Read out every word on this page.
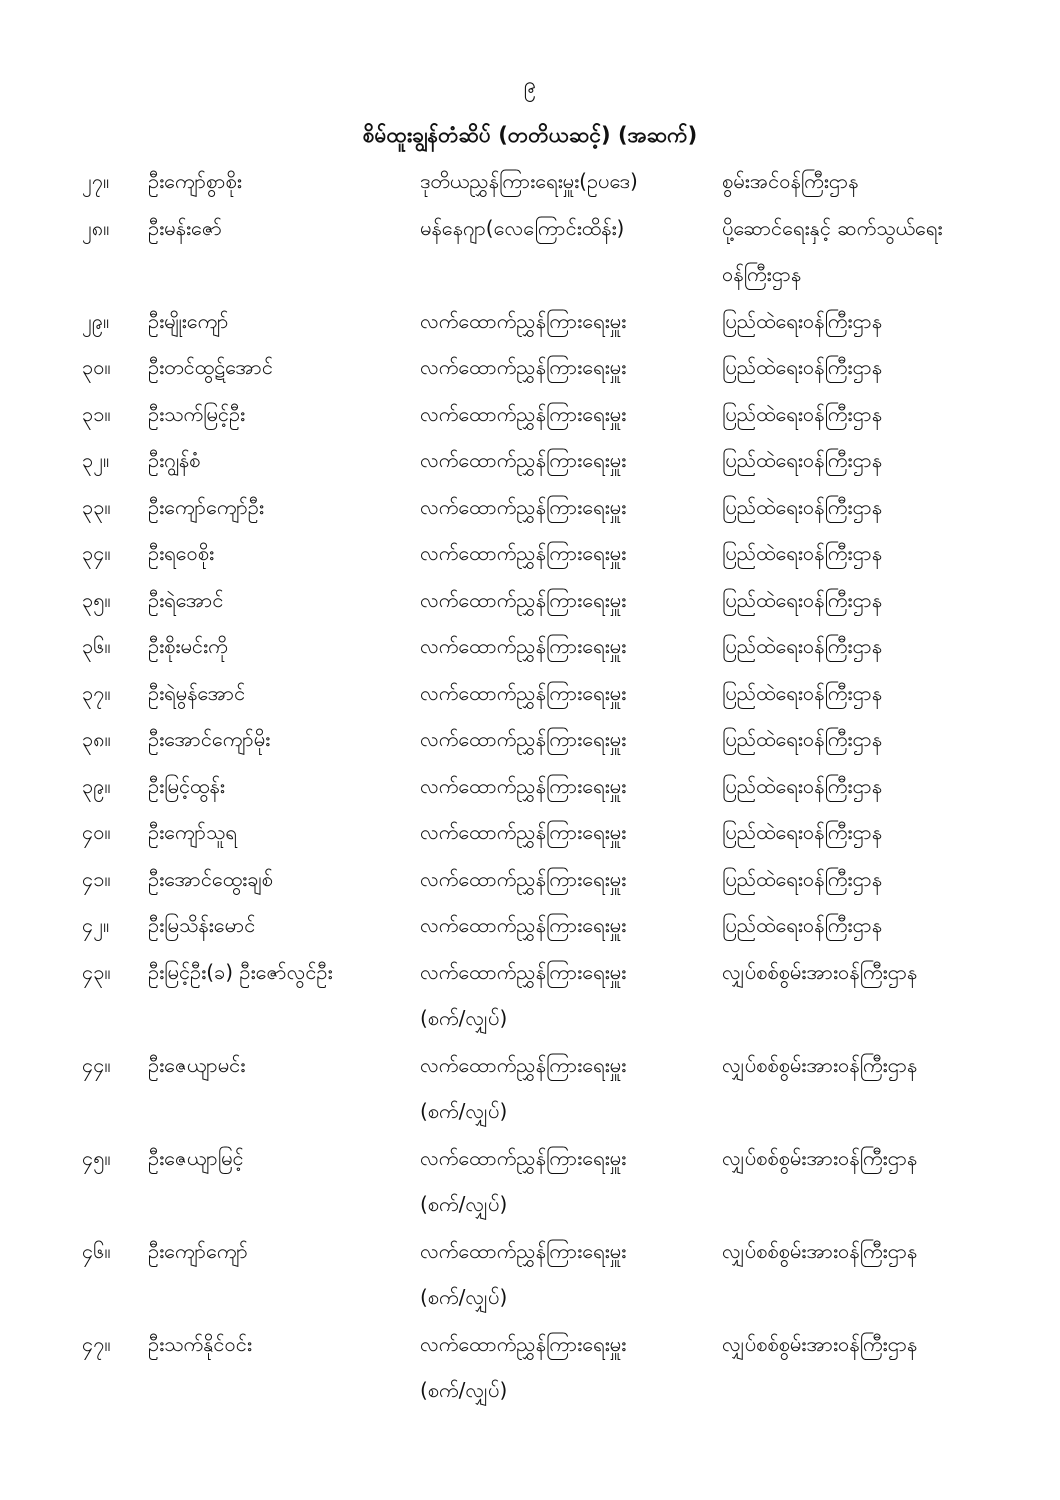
၉
စိမ်ထူးချွန်တံဆိပ် (တတိယဆင့်) (အဆက်)
၂၇။ ဦးကျော်စွာစိုး	ဒုတိယညွှန်ကြားရေးမှူး(ဥပဒေ)	စွမ်းအင်ဝန်ကြီးဌာန
၂၈။ ဦးမန်းဇော်	မန်နေဂျာ(လေကြောင်းထိန်း)	ပို့ဆောင်ရေးနှင့် ဆက်သွယ်ရေး
ဝန်ကြီးဌာန
၂၉။ ဦးမျိုးကျော်	လက်ထောက်ညွှန်ကြားရေးမှူး	ပြည်ထဲရေးဝန်ကြီးဌာန
၃၀။ ဦးတင်ထွဋ်အောင်	လက်ထောက်ညွှန်ကြားရေးမှူး	ပြည်ထဲရေးဝန်ကြီးဌာန
၃၁။ ဦးသက်မြင့်ဦး	လက်ထောက်ညွှန်ကြားရေးမှူး	ပြည်ထဲရေးဝန်ကြီးဌာန
၃၂။ ဦးဂျွန်စံ	လက်ထောက်ညွှန်ကြားရေးမှူး	ပြည်ထဲရေးဝန်ကြီးဌာန
၃၃။ ဦးကျော်ကျော်ဦး	လက်ထောက်ညွှန်ကြားရေးမှူး	ပြည်ထဲရေးဝန်ကြီးဌာန
၃၄။ ဦးရဝေစိုး	လက်ထောက်ညွှန်ကြားရေးမှူး	ပြည်ထဲရေးဝန်ကြီးဌာန
၃၅။ ဦးရဲအောင်	လက်ထောက်ညွှန်ကြားရေးမှူး	ပြည်ထဲရေးဝန်ကြီးဌာန
၃၆။ ဦးစိုးမင်းကို	လက်ထောက်ညွှန်ကြားရေးမှူး	ပြည်ထဲရေးဝန်ကြီးဌာန
၃၇။ ဦးရဲမွန်အောင်	လက်ထောက်ညွှန်ကြားရေးမှူး	ပြည်ထဲရေးဝန်ကြီးဌာန
၃၈။ ဦးအောင်ကျော်မိုး	လက်ထောက်ညွှန်ကြားရေးမှူး	ပြည်ထဲရေးဝန်ကြီးဌာန
၃၉။ ဦးမြင့်ထွန်း	လက်ထောက်ညွှန်ကြားရေးမှူး	ပြည်ထဲရေးဝန်ကြီးဌာန
၄၀။ ဦးကျော်သူရ	လက်ထောက်ညွှန်ကြားရေးမှူး	ပြည်ထဲရေးဝန်ကြီးဌာန
၄၁။ ဦးအောင်ထွေးချစ်	လက်ထောက်ညွှန်ကြားရေးမှူး	ပြည်ထဲရေးဝန်ကြီးဌာန
၄၂။ ဦးမြသိန်းမောင်	လက်ထောက်ညွှန်ကြားရေးမှူး	ပြည်ထဲရေးဝန်ကြီးဌာန
၄၃။ ဦးမြင့်ဦး(ခ) ဦးဇော်လွင်ဦး	လက်ထောက်ညွှန်ကြားရေးမှူး	လျှပ်စစ်စွမ်းအားဝန်ကြီးဌာန
(စက်/လျှပ်)
၄၄။ ဦးဇေယျာမင်း	လက်ထောက်ညွှန်ကြားရေးမှူး	လျှပ်စစ်စွမ်းအားဝန်ကြီးဌာန
(စက်/လျှပ်)
၄၅။ ဦးဇေယျာမြင့်	လက်ထောက်ညွှန်ကြားရေးမှူး	လျှပ်စစ်စွမ်းအားဝန်ကြီးဌာန
(စက်/လျှပ်)
၄၆။ ဦးကျော်ကျော်	လက်ထောက်ညွှန်ကြားရေးမှူး	လျှပ်စစ်စွမ်းအားဝန်ကြီးဌာန
(စက်/လျှပ်)
၄၇။ ဦးသက်နိုင်ဝင်း	လက်ထောက်ညွှန်ကြားရေးမှူး	လျှပ်စစ်စွမ်းအားဝန်ကြီးဌာန
(စက်/လျှပ်)
